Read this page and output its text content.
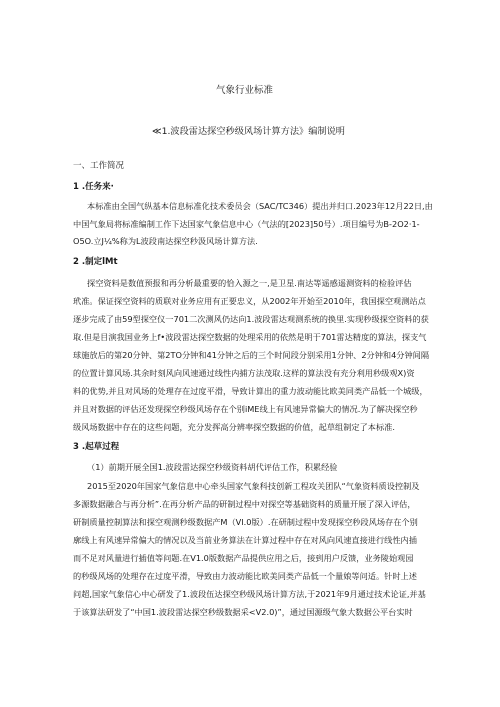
气象行业标准
≪1.波段雷达探空秒级风场计算方法》编制说明
一、工作简况
1 .任务来·
本标准由全国气纵基本信息标准化技术委员会（SAC/TC346）提出并归口.2023年12月22日,由
中国气象局将标准编制工作下达国家气象信息中心（气法的[2023]50号）.项目编号为B-2O2·1-
O5O.立J¼%称为L波段南达探空秒汲风场计算方法.
2 .制定lMt
探空资料是数值预报和再分析最重要的恰入源之一,是卫星.南达等遥感遥测资料的检验评估
玳准。保证探空资料的质联对业务应用有正要忠义，从2002年开始至2010年，我国探空观测站点
逐步完成了由59型探空仪一701二次测风仍达向1.波段雷达观测系统的换里.实现秒级探空资料的获
取.但是目演我国业务上f•波段雷达探空数据的处理采用的依然是明于701雷达精度的算法，探支气
球施放后的第20分钟、第2TO分钟和41分钟之后的三个时间段分别采用1分钟、2分钟和4分钟间隔
的位置计算风场.其余时刻风向风速通过线性内捕方法茂取.这样的算法没有充分利用秒级观X)资
料的优势,并且对风场的处理存在过度平滑，导致计算出的重力波动能比欧美同类产品低一个城级，
并且对数据的评估还发现探空秒级风场存在个别iME线上有风速异常偏大的情况.为了解决探空秒
级风场数据中存在的这些问题，充分发挥高分辨率探空数据的价值，起草组制定了本标准.
3 .起草过程
（1）前期开展全国1.波段雷达探空秒级资料胡代评估工作，积累经验
2015至2020年国家气象信息中心牵头国家气象科技创新工程攻关团队“气象资料质设控制及
多源数据融合与再分析”.在再分析产品的研制过程中对探空等基础资料的质量开展了深入评估，
研制质量控制算法和探空观测秒级数据产M（VI.0版）.在研制过程中发现探空秒段风场存在个别
廓线上有风速异常偏大的情况以及当前业务算法在计算过程中存在对风向风速直接进行线性内插
而不足对风量进行插值等问题.在V1.0版数据产品提供应用之后，接到用户反馈，业务陵始观园
的秒级风场的处理存在过度平滑，导致由力波动能比欧美同类产品低一个量娘等问适。针时上述
问超,国家气象信心中心研发了1.波段伍达探空秒级风场计算方法,于2021年9月通过技术论证,并基
于该算法研发了“中国1.波段雷达探空秒级数据采<V2.0)”，通过国源级气象大数据公平台实时
